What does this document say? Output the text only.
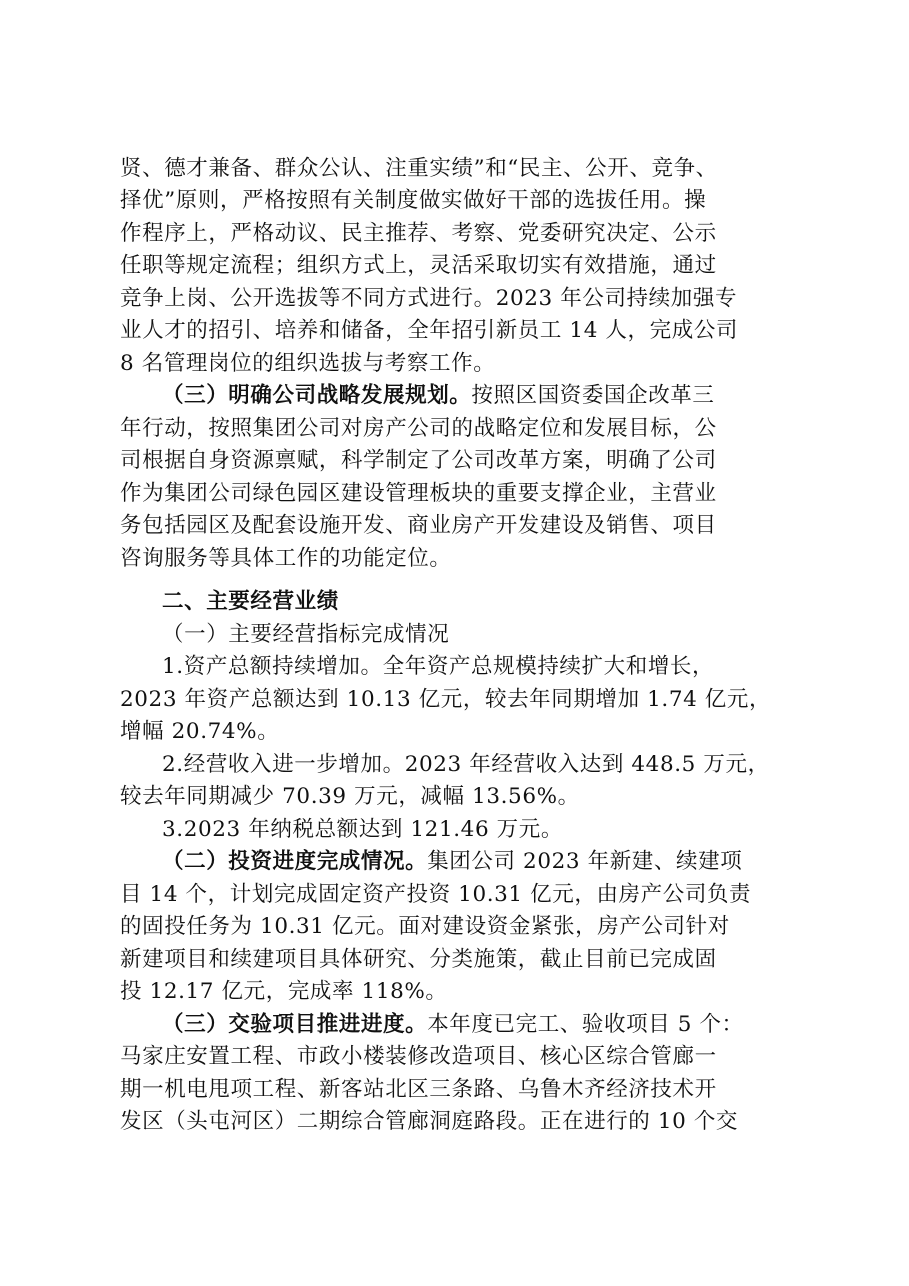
贤、德才兼备、群众公认、注重实绩”和“民主、公开、竞争、
择优”原则，严格按照有关制度做实做好干部的选拔任用。操
作程序上，严格动议、民主推荐、考察、党委研究决定、公示
任职等规定流程；组织方式上，灵活采取切实有效措施，通过
竞争上岗、公开选拔等不同方式进行。2023 年公司持续加强专
业人才的招引、培养和储备，全年招引新员工 14 人，完成公司
8 名管理岗位的组织选拔与考察工作。
（三）明确公司战略发展规划。按照区国资委国企改革三
年行动，按照集团公司对房产公司的战略定位和发展目标，公
司根据自身资源禀赋，科学制定了公司改革方案，明确了公司
作为集团公司绿色园区建设管理板块的重要支撑企业，主营业
务包括园区及配套设施开发、商业房产开发建设及销售、项目
咨询服务等具体工作的功能定位。
二、主要经营业绩
（一）主要经营指标完成情况
1.资产总额持续增加。全年资产总规模持续扩大和增长，
2023 年资产总额达到 10.13 亿元，较去年同期增加 1.74 亿元，
增幅 20.74%。
2.经营收入进一步增加。2023 年经营收入达到 448.5 万元，
较去年同期减少 70.39 万元，减幅 13.56%。
3.2023 年纳税总额达到 121.46 万元。
（二）投资进度完成情况。集团公司 2023 年新建、续建项
目 14 个，计划完成固定资产投资 10.31 亿元，由房产公司负责
的固投任务为 10.31 亿元。面对建设资金紧张，房产公司针对
新建项目和续建项目具体研究、分类施策，截止目前已完成固
投 12.17 亿元，完成率 118%。
（三）交验项目推进进度。本年度已完工、验收项目 5 个：
马家庄安置工程、市政小楼装修改造项目、核心区综合管廊一
期一机电甩项工程、新客站北区三条路、乌鲁木齐经济技术开
发区（头屯河区）二期综合管廊洞庭路段。正在进行的 10 个交
